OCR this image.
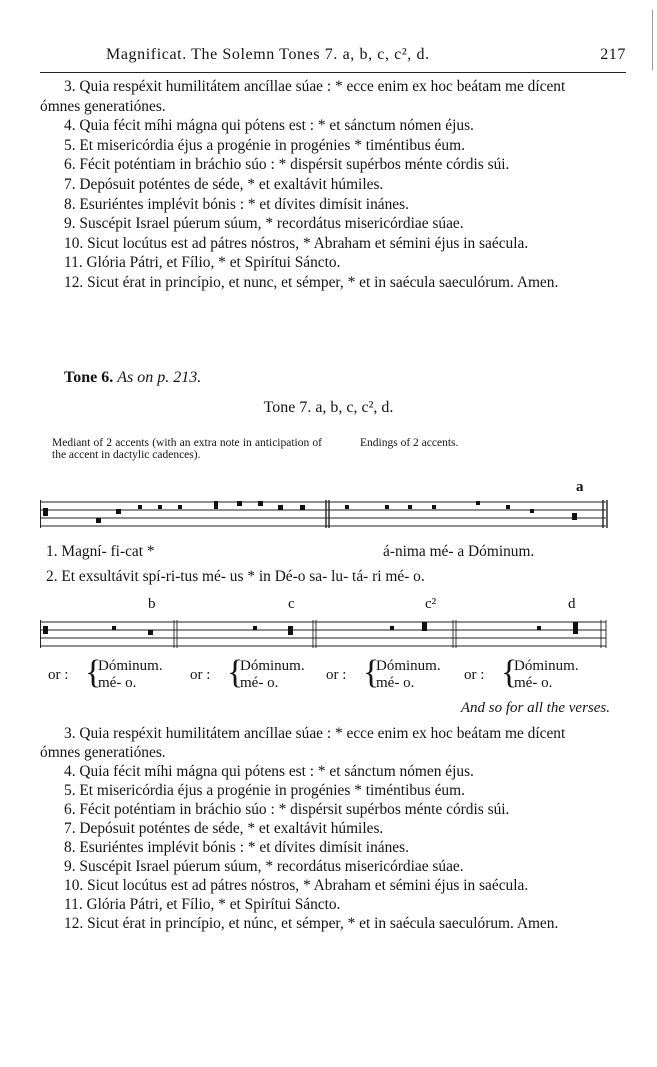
Magnificat. The Solemn Tones 7. a, b, c, c², d.	217

3. Quia respéxit humilitátem ancíllae súae : * ecce enim ex hoc beátam me dícent ómnes generatiónes.

4. Quia fécit míhi mágna qui pótens est : * et sánctum nómen éjus.

5. Et misericórdia éjus a progénie in progénies * timéntibus éum.

6. Fécit poténtiam in bráchio súo : * dispérsit supérbos ménte córdis súi.

7. Depósuit poténtes de séde, * et exaltávit húmiles.

8. Esuriéntes implévit bónis : * et dívites dimísit inánes.

9. Suscépit Israel púerum súum, * recordátus misericórdiae súae.

10. Sicut locútus est ad pátres nóstros, * Abraham et sémini éjus in saécula.

11. Glória Pátri, et Fílio, * et Spirítui Sáncto.

12. Sicut érat in princípio, et nunc, et sémper, * et in saécula saeculórum. Amen.

Tone 6. As on p. 213.
Tone 7. a, b, c, c², d.
Mediant of 2 accents (with an extra note in anticipation of the accent in dactylic cadences).
Endings of 2 accents.
a
1. Magní- fi-cat *	á-nima mé- a Dóminum.
2. Et exsultávit spí-ri-tus mé- us * in Dé-o sa- lu- tá- ri mé- o.
b	c	c²	d
or : {
Dóminum.
mé- o.	or : {
Dóminum.
mé- o.	or : {
Dóminum.
mé- o.	or : {
Dóminum.
mé- o.
And so for all the verses.

3. Quia respéxit humilitátem ancíllae súae : * ecce enim ex hoc beátam me dícent ómnes generatiónes.

4. Quia fécit míhi mágna qui pótens est : * et sánctum nómen éjus.

5. Et misericórdia éjus a progénie in progénies * timéntibus éum.

6. Fécit poténtiam in bráchio súo : * dispérsit supérbos ménte córdis súi.

7. Depósuit poténtes de séde, * et exaltávit húmiles.

8. Esuriéntes implévit bónis : * et dívites dimísit inánes.

9. Suscépit Israel púerum súum, * recordátus misericórdiae súae.

10. Sicut locútus est ad pátres nóstros, * Abraham et sémini éjus in saécula.

11. Glória Pátri, et Fílio, * et Spirítui Sáncto.

12. Sicut érat in princípio, et núnc, et sémper, * et in saécula saeculórum. Amen.
